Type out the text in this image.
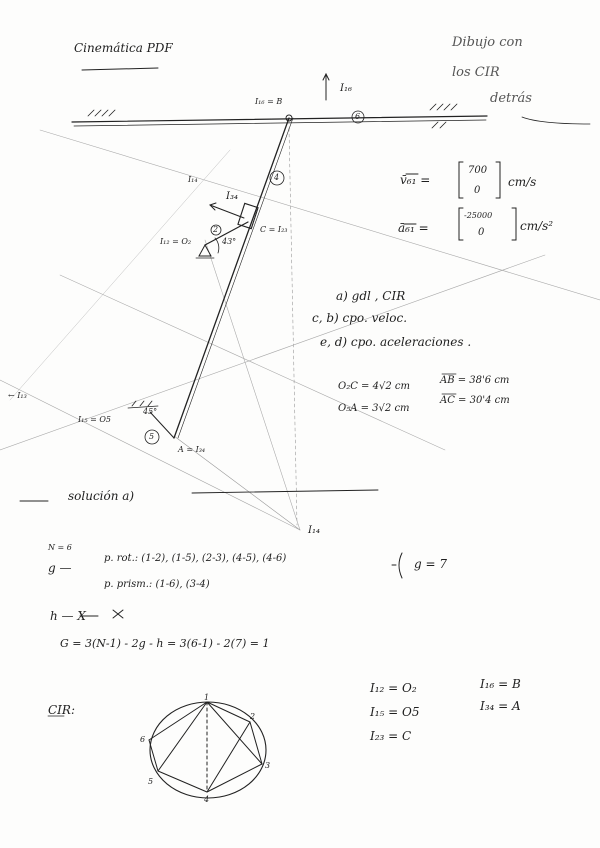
Cinemática PDF	Dibujo con
los CIR
detrás
I₁₆ = B
I₁₆
6
I₁₄
I₃₄
4
I₁₂ = O₂
2
43°
C = I₂₃
← I₁₃
I₁₅ = O5
45°
5
A = I₃₄
I₁₄
v̄₆₁ =
700
0
cm/s
ā₆₁ =
-25000
0	cm/s²
a) gdl , CIR
c, b) cpo. veloc.
e, d) cpo. aceleraciones .
O₂C = 4√2 cm
O₅A = 3√2 cm
AB = 38'6 cm
AC = 30'4 cm
solución a)
N = 6
g —
p. rot.: (1-2), (1-5), (2-3), (4-5), (4-6)
p. prism.: (1-6), (3-4)
g = 7
h — X
G = 3(N-1) - 2g - h = 3(6-1) - 2(7) = 1
CIR:
1
2
3
4
5
6
I₁₂ = O₂
I₁₅ = O5
I₂₃ = C
I₁₆ = B
I₃₄ = A
